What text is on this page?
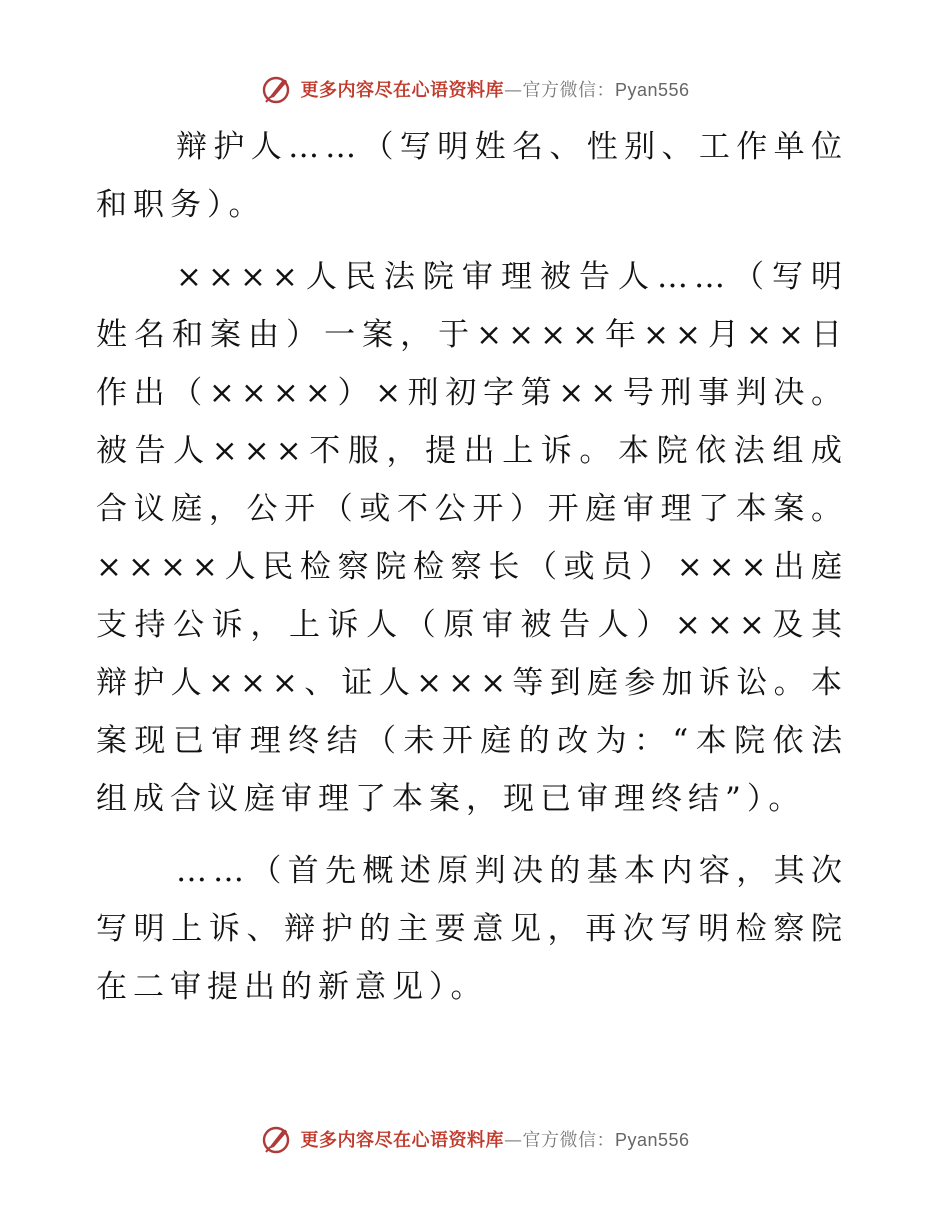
更多内容尽在心语资料库—官方微信：Pyan556

辩护人……（写明姓名、性别、工作单位和职务）。

××××人民法院审理被告人……（写明姓名和案由）一案，于××××年××月××日作出（××××）×刑初字第××号刑事判决。被告人×××不服，提出上诉。本院依法组成合议庭，公开（或不公开）开庭审理了本案。××××人民检察院检察长（或员）×××出庭支持公诉，上诉人（原审被告人）×××及其辩护人×××、证人×××等到庭参加诉讼。本案现已审理终结（未开庭的改为：“本院依法组成合议庭审理了本案，现已审理终结”）。

……（首先概述原判决的基本内容，其次写明上诉、辩护的主要意见，再次写明检察院在二审提出的新意见）。

更多内容尽在心语资料库—官方微信：Pyan556
